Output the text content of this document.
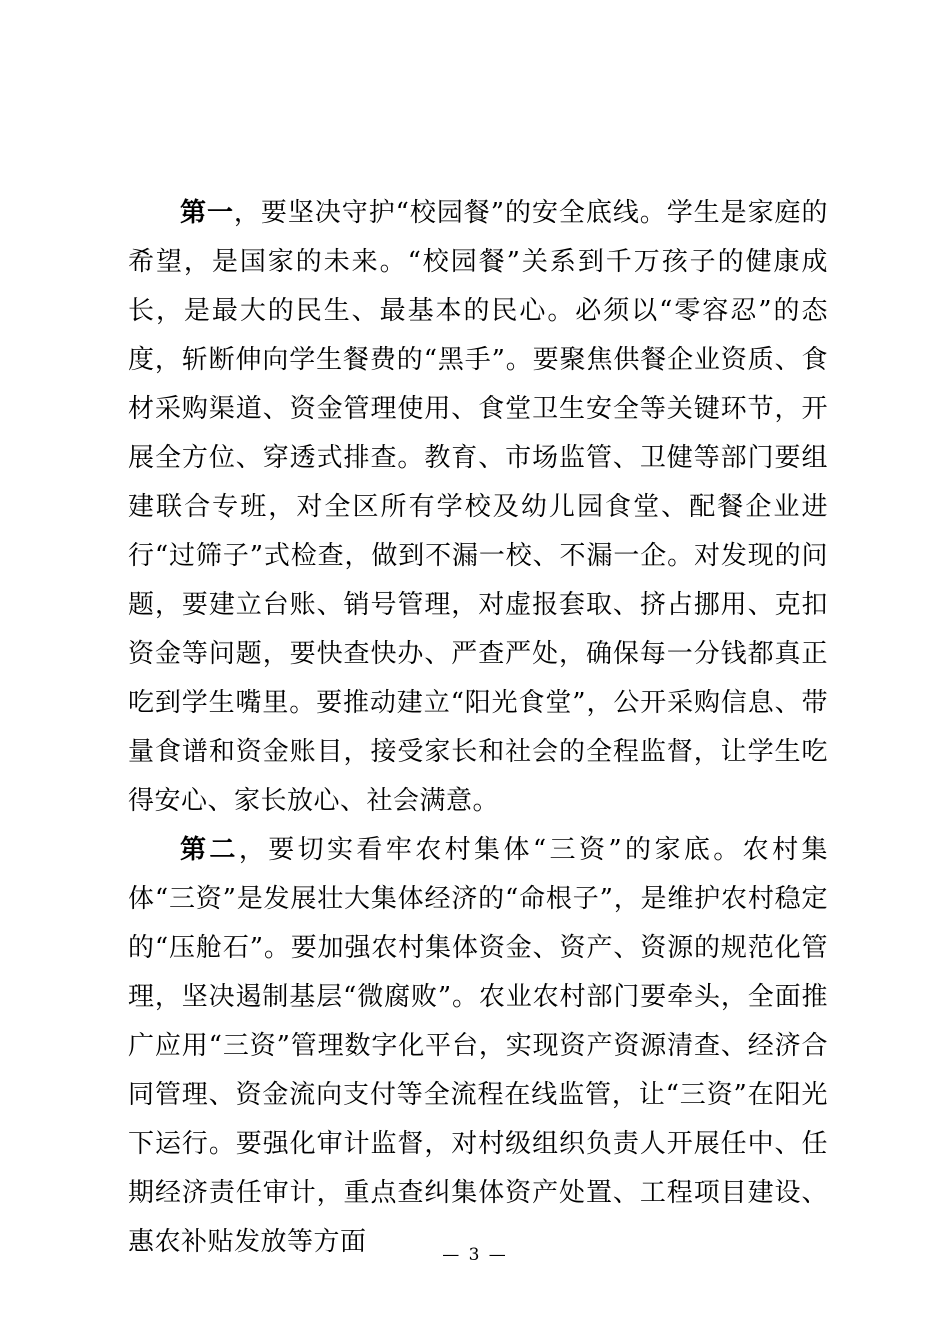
第一，要坚决守护“校园餐”的安全底线。学生是家庭的希望，是国家的未来。“校园餐”关系到千万孩子的健康成长，是最大的民生、最基本的民心。必须以“零容忍”的态度，斩断伸向学生餐费的“黑手”。要聚焦供餐企业资质、食材采购渠道、资金管理使用、食堂卫生安全等关键环节，开展全方位、穿透式排查。教育、市场监管、卫健等部门要组建联合专班，对全区所有学校及幼儿园食堂、配餐企业进行“过筛子”式检查，做到不漏一校、不漏一企。对发现的问题，要建立台账、销号管理，对虚报套取、挤占挪用、克扣资金等问题，要快查快办、严查严处，确保每一分钱都真正吃到学生嘴里。要推动建立“阳光食堂”，公开采购信息、带量食谱和资金账目，接受家长和社会的全程监督，让学生吃得安心、家长放心、社会满意。

第二，要切实看牢农村集体“三资”的家底。农村集体“三资”是发展壮大集体经济的“命根子”，是维护农村稳定的“压舱石”。要加强农村集体资金、资产、资源的规范化管理，坚决遏制基层“微腐败”。农业农村部门要牵头，全面推广应用“三资”管理数字化平台，实现资产资源清查、经济合同管理、资金流向支付等全流程在线监管，让“三资”在阳光下运行。要强化审计监督，对村级组织负责人开展任中、任期经济责任审计，重点查纠集体资产处置、工程项目建设、惠农补贴发放等方面	— 3 —
